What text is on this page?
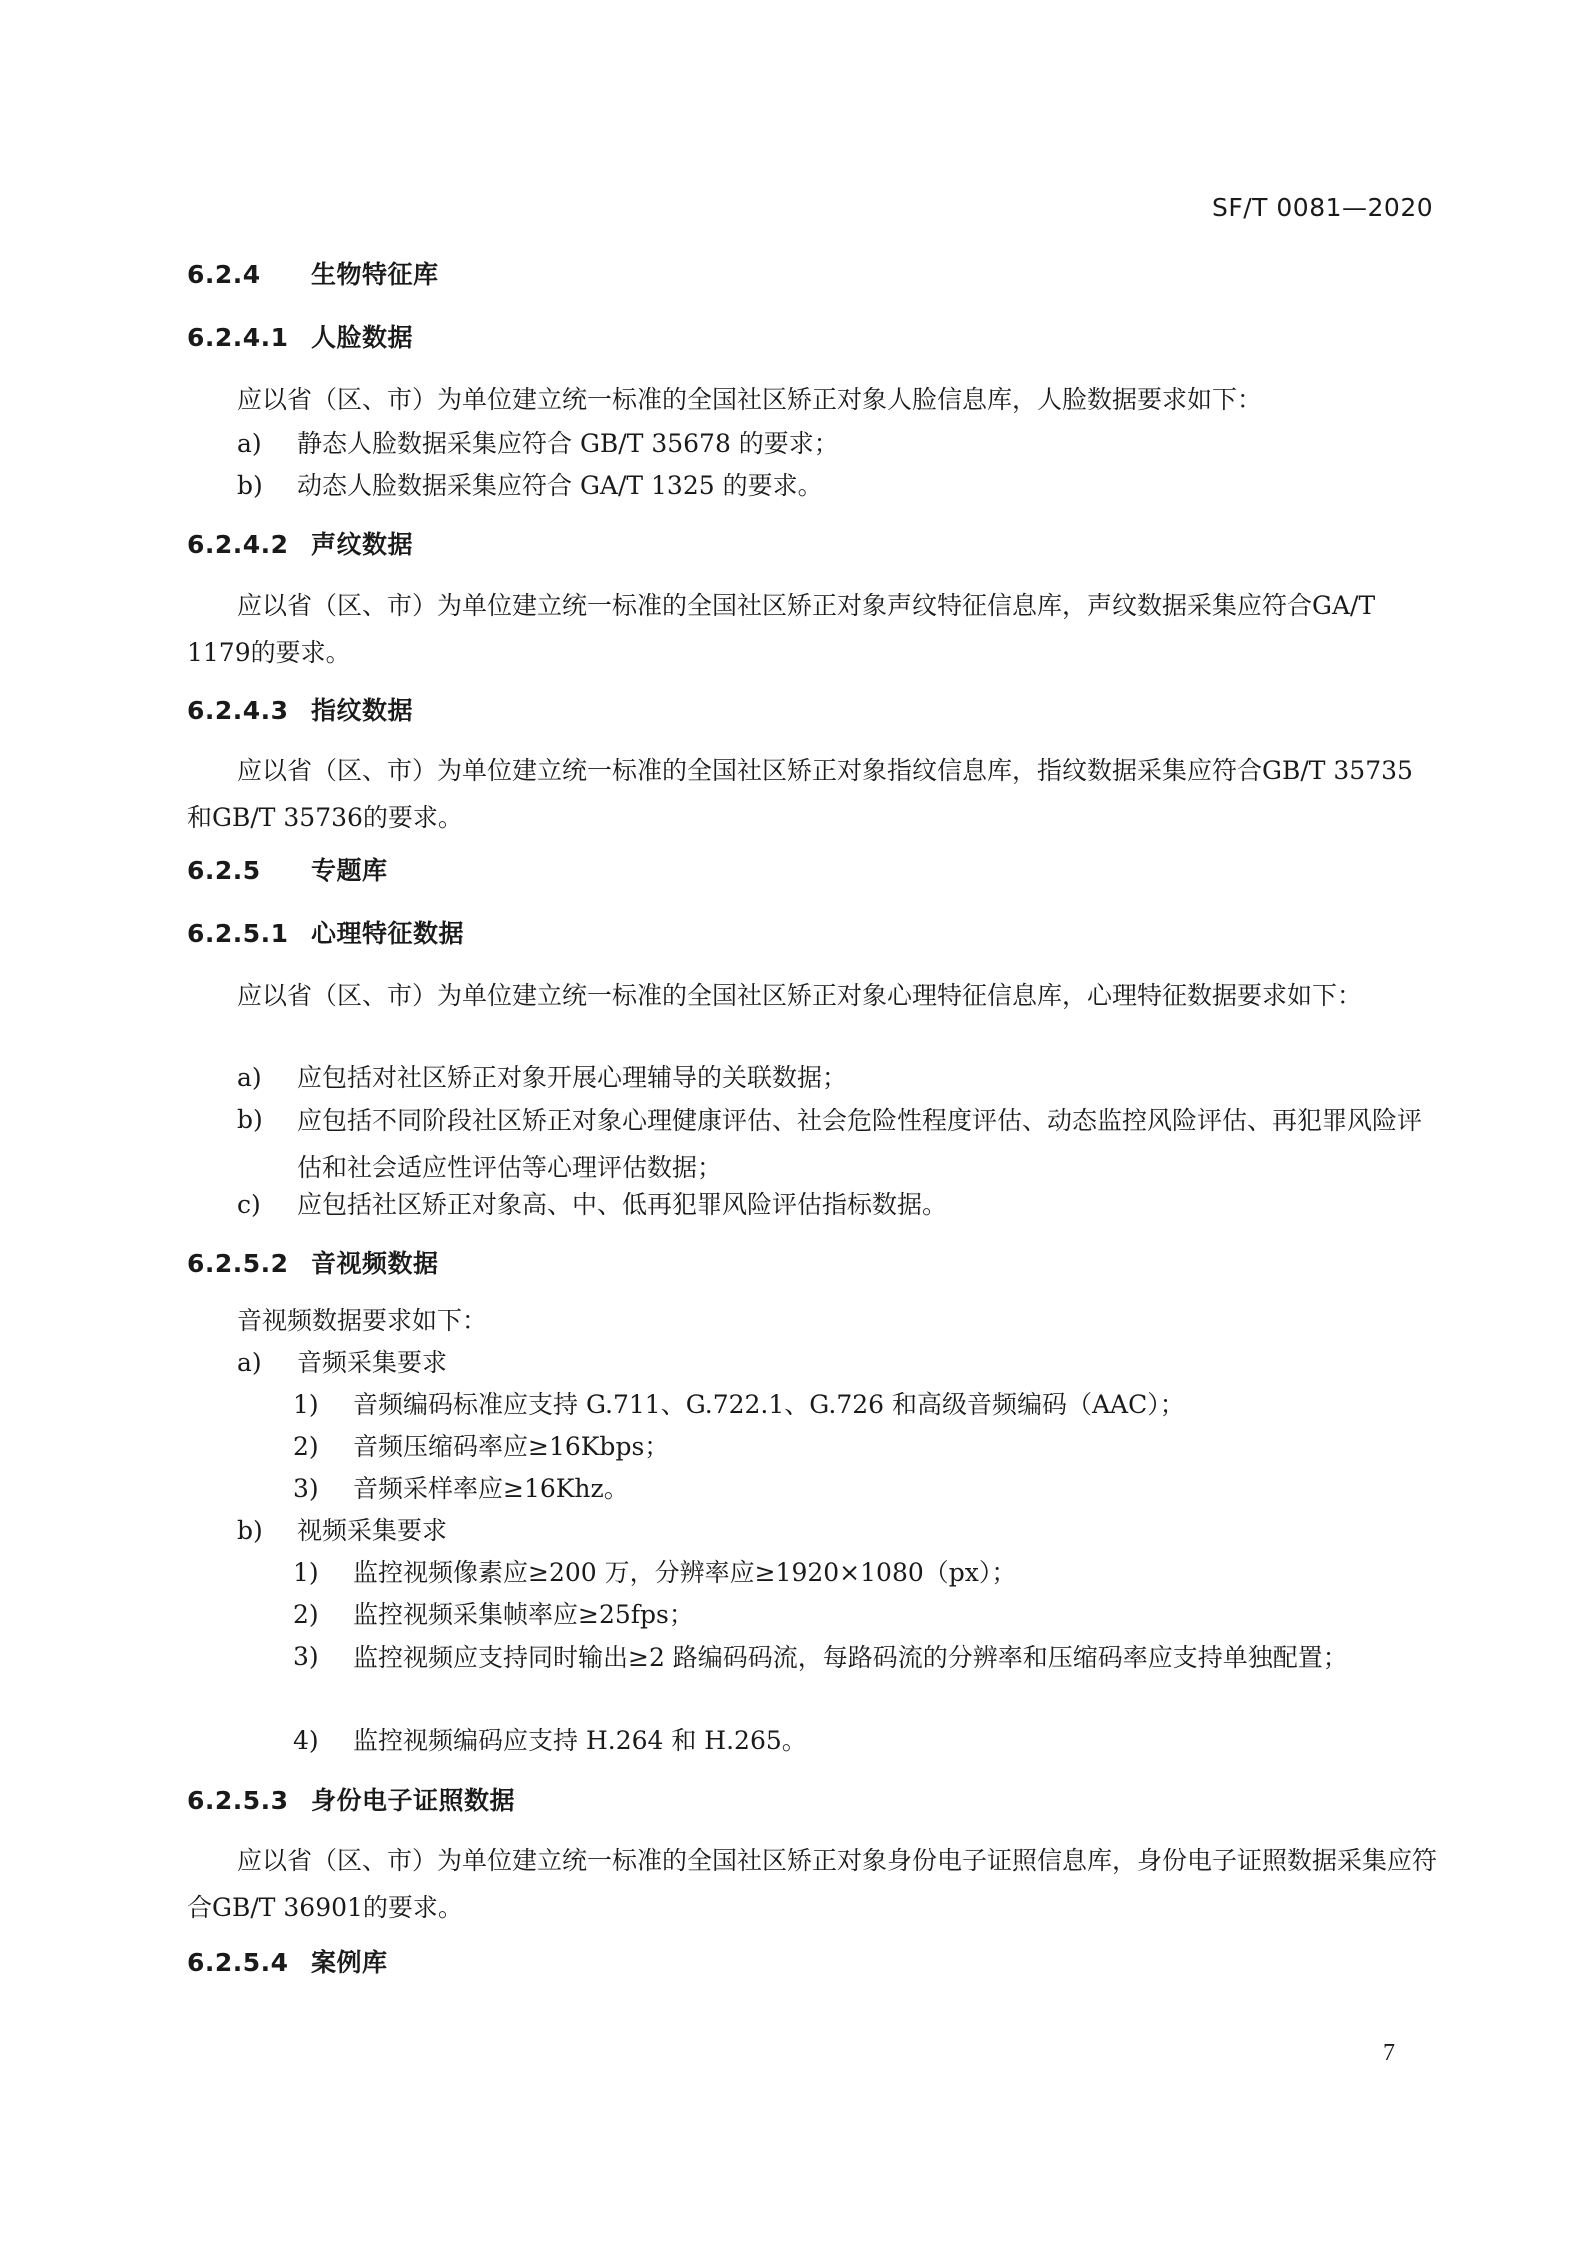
SF/T 0081—2020
6.2.4 生物特征库
6.2.4.1 人脸数据
应以省（区、市）为单位建立统一标准的全国社区矫正对象人脸信息库，人脸数据要求如下：
a) 静态人脸数据采集应符合 GB/T 35678 的要求；
b) 动态人脸数据采集应符合 GA/T 1325 的要求。
6.2.4.2 声纹数据
应以省（区、市）为单位建立统一标准的全国社区矫正对象声纹特征信息库，声纹数据采集应符合GA/T 1179的要求。
6.2.4.3 指纹数据
应以省（区、市）为单位建立统一标准的全国社区矫正对象指纹信息库，指纹数据采集应符合GB/T 35735和GB/T 35736的要求。
6.2.5 专题库
6.2.5.1 心理特征数据
应以省（区、市）为单位建立统一标准的全国社区矫正对象心理特征信息库，心理特征数据要求如下：
a) 应包括对社区矫正对象开展心理辅导的关联数据；
b)	应包括不同阶段社区矫正对象心理健康评估、社会危险性程度评估、动态监控风险评估、再犯罪风险评估和社会适应性评估等心理评估数据；
c) 应包括社区矫正对象高、中、低再犯罪风险评估指标数据。
6.2.5.2 音视频数据
音视频数据要求如下：
a) 音频采集要求
1) 音频编码标准应支持 G.711、G.722.1、G.726 和高级音频编码（AAC）；
2) 音频压缩码率应≥16Kbps；
3) 音频采样率应≥16Khz。
b) 视频采集要求
1) 监控视频像素应≥200 万，分辨率应≥1920×1080（px）；
2) 监控视频采集帧率应≥25fps；
3)	监控视频应支持同时输出≥2 路编码码流，每路码流的分辨率和压缩码率应支持单独配置；
4) 监控视频编码应支持 H.264 和 H.265。
6.2.5.3 身份电子证照数据
应以省（区、市）为单位建立统一标准的全国社区矫正对象身份电子证照信息库，身份电子证照数据采集应符合GB/T 36901的要求。
6.2.5.4 案例库
7
